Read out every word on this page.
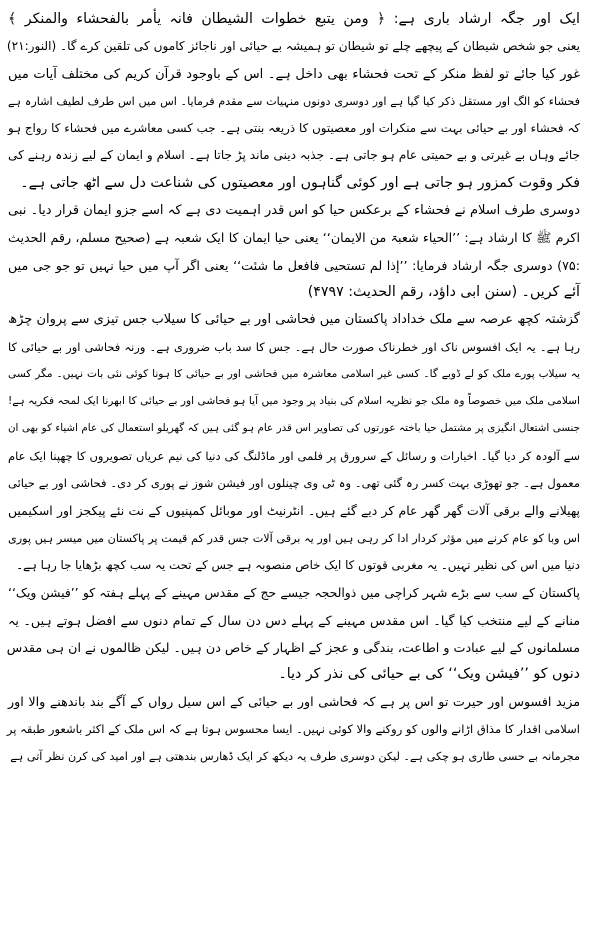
ایک اور جگہ ارشاد باری ہے: ﴿ ومن یتبع خطوات الشیطان فانہ یأمر بالفحشاء والمنکر ﴾
یعنی جو شخص شیطان کے پیچھے چلے تو شیطان تو ہمیشہ بے حیائی اور ناجائز کاموں کی تلقین کرے گا۔ (النور:۲۱)
غور کیا جائے تو لفظ منکر کے تحت فحشاء بھی داخل ہے۔ اس کے باوجود قرآن کریم کی مختلف آیات میں
فحشاء کو الگ اور مستقل ذکر کیا گیا ہے اور دوسری دونوں منہیات سے مقدم فرمایا۔ اس میں اس طرف لطیف اشارہ ہے
کہ فحشاء اور بے حیائی بہت سے منکرات اور معصیتوں کا ذریعہ بنتی ہے۔ جب کسی معاشرے میں فحشاء کا رواج ہو
جائے وہاں بے غیرتی و بے حمیتی عام ہو جاتی ہے۔ جذبہ دینی ماند پڑ جاتا ہے۔ اسلام و ایمان کے لیے زندہ رہنے کی
فکر وقوت کمزور ہو جاتی ہے اور کوئی گناہوں اور معصیتوں کی شناعت دل سے اٹھ جاتی ہے۔
دوسری طرف اسلام نے فحشاء کے برعکس حیا کو اس قدر اہمیت دی ہے کہ اسے جزو ایمان قرار دیا۔ نبی
اکرم ﷺ کا ارشاد ہے: ’’الحیاء شعبۃ من الایمان‘‘ یعنی حیا ایمان کا ایک شعبہ ہے (صحیح مسلم، رقم الحدیث
:۷۵) دوسری جگہ ارشاد فرمایا: ’’إذا لم تستحیی فافعل ما شئت‘‘ یعنی اگر آپ میں حیا نہیں تو جو جی میں
آئے کریں۔ (سنن ابی داؤد، رقم الحدیث: ۴۷۹۷)
گزشتہ کچھ عرصہ سے ملک خداداد پاکستان میں فحاشی اور بے حیائی کا سیلاب جس تیزی سے پروان چڑھ
رہا ہے۔ یہ ایک افسوس ناک اور خطرناک صورت حال ہے۔ جس کا سد باب ضروری ہے۔ ورنہ فحاشی اور بے حیائی کا
یہ سیلاب پورے ملک کو لے ڈوبے گا۔ کسی غیر اسلامی معاشرہ میں فحاشی اور بے حیائی کا ہونا کوئی نئی بات نہیں۔ مگر کسی
اسلامی ملک میں خصوصاً وہ ملک جو نظریہ اسلام کی بنیاد پر وجود میں آیا ہو فحاشی اور بے حیائی کا ابھرنا ایک لمحہ فکریہ ہے!
جنسی اشتعال انگیزی پر مشتمل حیا باختہ عورتوں کی تصاویر اس قدر عام ہو گئی ہیں کہ گھریلو استعمال کی عام اشیاء کو بھی ان
سے آلودہ کر دیا گیا۔ اخبارات و رسائل کے سرورق پر فلمی اور ماڈلنگ کی دنیا کی نیم عریاں تصویروں کا چھپنا ایک عام
معمول ہے۔ جو تھوڑی بہت کسر رہ گئی تھی۔ وہ ٹی وی چینلوں اور فیشن شوز نے پوری کر دی۔ فحاشی اور بے حیائی
پھیلانے والے برقی آلات گھر گھر عام کر دیے گئے ہیں۔ انٹرنیٹ اور موبائل کمپنیوں کے نت نئے پیکجز اور اسکیمیں
اس وبا کو عام کرنے میں مؤثر کردار ادا کر رہی ہیں اور یہ برقی آلات جس قدر کم قیمت پر پاکستان میں میسر ہیں پوری
دنیا میں اس کی نظیر نہیں۔ یہ مغربی قوتوں کا ایک خاص منصوبہ ہے جس کے تحت یہ سب کچھ بڑھایا جا رہا ہے۔
پاکستان کے سب سے بڑے شہر کراچی میں ذوالحجہ جیسے حج کے مقدس مہینے کے پہلے ہفتہ کو ’’فیشن ویک‘‘
منانے کے لیے منتخب کیا گیا۔ اس مقدس مہینے کے پہلے دس دن سال کے تمام دنوں سے افضل ہوتے ہیں۔ یہ
مسلمانوں کے لیے عبادت و اطاعت، بندگی و عجز کے اظہار کے خاص دن ہیں۔ لیکن ظالموں نے ان ہی مقدس
دنوں کو ’’فیشن ویک‘‘ کی بے حیائی کی نذر کر دیا۔
مزید افسوس اور حیرت تو اس پر ہے کہ فحاشی اور بے حیائی کے اس سیل رواں کے آگے بند باندھنے والا اور
اسلامی اقدار کا مذاق اڑانے والوں کو روکنے والا کوئی نہیں۔ ایسا محسوس ہوتا ہے کہ اس ملک کے اکثر باشعور طبقہ پر
مجرمانہ بے حسی طاری ہو چکی ہے۔ لیکن دوسری طرف یہ دیکھ کر ایک ڈھارس بندھتی ہے اور امید کی کرن نظر آتی ہے
